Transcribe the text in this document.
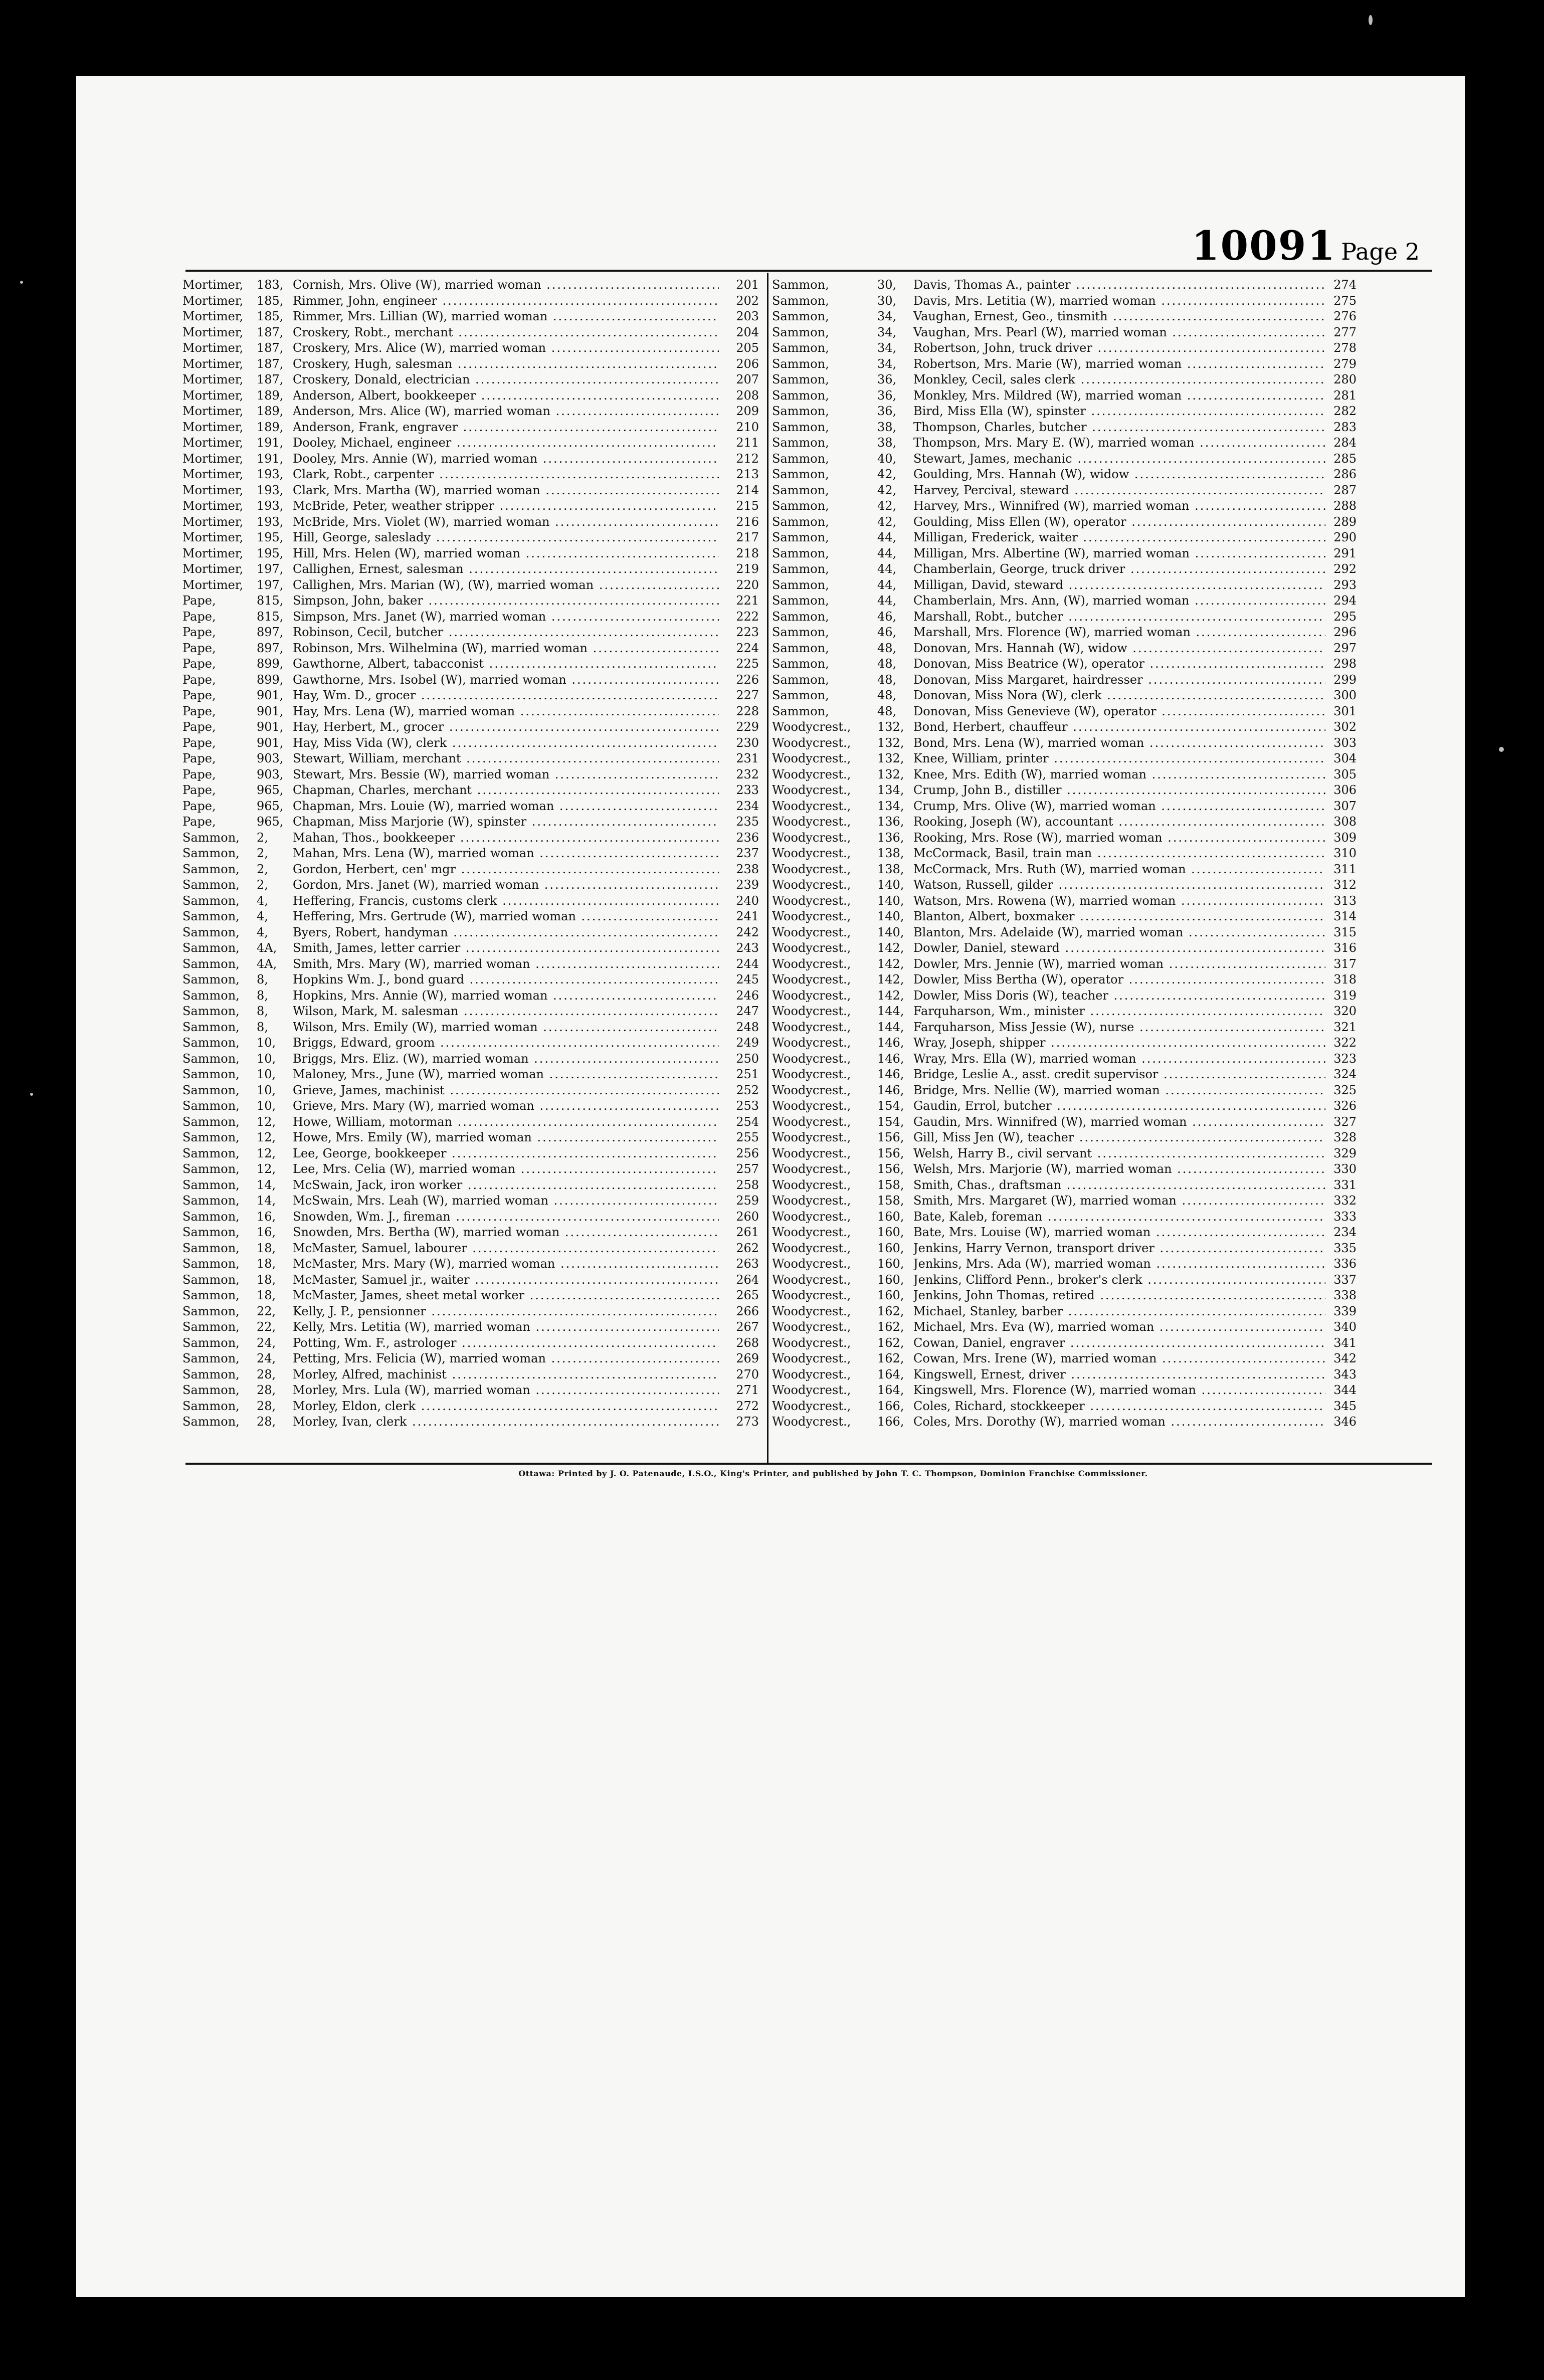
10091 Page 2
Mortimer,	183, Cornish, Mrs. Olive (W), married woman .....	201
Mortimer,	185, Rimmer, John, engineer .....	202
Mortimer,	185, Rimmer, Mrs. Lillian (W), married woman .....	203
Mortimer,	187, Croskery, Robt., merchant .....	204
Mortimer,	187, Croskery, Mrs. Alice (W), married woman .....	205
Mortimer,	187, Croskery, Hugh, salesman .....	206
Mortimer,	187, Croskery, Donald, electrician .....	207
Mortimer,	189, Anderson, Albert, bookkeeper .....	208
Mortimer,	189, Anderson, Mrs. Alice (W), married woman .....	209
Mortimer,	189, Anderson, Frank, engraver .....	210
Mortimer,	191, Dooley, Michael, engineer .....	211
Mortimer,	191, Dooley, Mrs. Annie (W), married woman .....	212
Mortimer,	193, Clark, Robt., carpenter .....	213
Mortimer,	193, Clark, Mrs. Martha (W), married woman .....	214
Mortimer,	193, McBride, Peter, weather stripper .....	215
Mortimer,	193, McBride, Mrs. Violet (W), married woman .....	216
Mortimer,	195, Hill, George, saleslady .....	217
Mortimer,	195, Hill, Mrs. Helen (W), married woman .....	218
Mortimer,	197, Callighen, Ernest, salesman .....	219
Mortimer,	197, Callighen, Mrs. Marian (W), (W), married woman .....	220
Pape,	815, Simpson, John, baker .....	221
Pape,	815, Simpson, Mrs. Janet (W), married woman .....	222
Pape,	897, Robinson, Cecil, butcher .....	223
Pape,	897, Robinson, Mrs. Wilhelmina (W), married woman .....	224
Pape,	899, Gawthorne, Albert, tabacconist .....	225
Pape,	899, Gawthorne, Mrs. Isobel (W), married woman .....	226
Pape,	901, Hay, Wm. D., grocer .....	227
Pape,	901, Hay, Mrs. Lena (W), married woman .....	228
Pape,	901, Hay, Herbert, M., grocer .....	229
Pape,	901, Hay, Miss Vida (W), clerk .....	230
Pape,	903, Stewart, William, merchant .....	231
Pape,	903, Stewart, Mrs. Bessie (W), married woman .....	232
Pape,	965, Chapman, Charles, merchant .....	233
Pape,	965, Chapman, Mrs. Louie (W), married woman .....	234
Pape,	965, Chapman, Miss Marjorie (W), spinster .....	235
Sammon,	2,	Mahan, Thos., bookkeeper .....	236
Sammon,	2,	Mahan, Mrs. Lena (W), married woman .....	237
Sammon,	2,	Gordon, Herbert, cen' mgr .....	238
Sammon,	2,	Gordon, Mrs. Janet (W), married woman .....	239
Sammon,	4,	Heffering, Francis, customs clerk .....	240
Sammon,	4,	Heffering, Mrs. Gertrude (W), married woman .....	241
Sammon,	4,	Byers, Robert, handyman .....	242
Sammon,	4A,	Smith, James, letter carrier .....	243
Sammon,	4A,	Smith, Mrs. Mary (W), married woman .....	244
Sammon,	8,	Hopkins Wm. J., bond guard .....	245
Sammon,	8,	Hopkins, Mrs. Annie (W), married woman .....	246
Sammon,	8,	Wilson, Mark, M. salesman .....	247
Sammon,	8,	Wilson, Mrs. Emily (W), married woman .....	248
Sammon,	10,	Briggs, Edward, groom .....	249
Sammon,	10,	Briggs, Mrs. Eliz. (W), married woman .....	250
Sammon,	10,	Maloney, Mrs., June (W), married woman .....	251
Sammon,	10,	Grieve, James, machinist .....	252
Sammon,	10,	Grieve, Mrs. Mary (W), married woman .....	253
Sammon,	12,	Howe, William, motorman .....	254
Sammon,	12,	Howe, Mrs. Emily (W), married woman .....	255
Sammon,	12,	Lee, George, bookkeeper .....	256
Sammon,	12,	Lee, Mrs. Celia (W), married woman .....	257
Sammon,	14,	McSwain, Jack, iron worker .....	258
Sammon,	14,	McSwain, Mrs. Leah (W), married woman .....	259
Sammon,	16,	Snowden, Wm. J., fireman .....	260
Sammon,	16,	Snowden, Mrs. Bertha (W), married woman .....	261
Sammon,	18,	McMaster, Samuel, labourer .....	262
Sammon,	18,	McMaster, Mrs. Mary (W), married woman .....	263
Sammon,	18,	McMaster, Samuel jr., waiter .....	264
Sammon,	18,	McMaster, James, sheet metal worker .....	265
Sammon,	22,	Kelly, J. P., pensionner .....	266
Sammon,	22,	Kelly, Mrs. Letitia (W), married woman .....	267
Sammon,	24,	Potting, Wm. F., astrologer .....	268
Sammon,	24,	Petting, Mrs. Felicia (W), married woman .....	269
Sammon,	28,	Morley, Alfred, machinist .....	270
Sammon,	28,	Morley, Mrs. Lula (W), married woman .....	271
Sammon,	28,	Morley, Eldon, clerk .....	272
Sammon,	28,	Morley, Ivan, clerk .....	273
Sammon,	30,	Davis, Thomas A., painter .....	274
Sammon,	30,	Davis, Mrs. Letitia (W), married woman .....	275
Sammon,	34,	Vaughan, Ernest, Geo., tinsmith .....	276
Sammon,	34,	Vaughan, Mrs. Pearl (W), married woman .....	277
Sammon,	34,	Robertson, John, truck driver .....	278
Sammon,	34,	Robertson, Mrs. Marie (W), married woman .....	279
Sammon,	36,	Monkley, Cecil, sales clerk .....	280
Sammon,	36,	Monkley, Mrs. Mildred (W), married woman .....	281
Sammon,	36,	Bird, Miss Ella (W), spinster .....	282
Sammon,	38,	Thompson, Charles, butcher .....	283
Sammon,	38,	Thompson, Mrs. Mary E. (W), married woman .....	284
Sammon,	40,	Stewart, James, mechanic .....	285
Sammon,	42,	Goulding, Mrs. Hannah (W), widow .....	286
Sammon,	42,	Harvey, Percival, steward .....	287
Sammon,	42,	Harvey, Mrs., Winnifred (W), married woman .....	288
Sammon,	42,	Goulding, Miss Ellen (W), operator .....	289
Sammon,	44,	Milligan, Frederick, waiter .....	290
Sammon,	44,	Milligan, Mrs. Albertine (W), married woman .....	291
Sammon,	44,	Chamberlain, George, truck driver .....	292
Sammon,	44,	Milligan, David, steward .....	293
Sammon,	44,	Chamberlain, Mrs. Ann, (W), married woman .....	294
Sammon,	46,	Marshall, Robt., butcher .....	295
Sammon,	46,	Marshall, Mrs. Florence (W), married woman .....	296
Sammon,	48,	Donovan, Mrs. Hannah (W), widow .....	297
Sammon,	48,	Donovan, Miss Beatrice (W), operator .....	298
Sammon,	48,	Donovan, Miss Margaret, hairdresser .....	299
Sammon,	48,	Donovan, Miss Nora (W), clerk .....	300
Sammon,	48,	Donovan, Miss Genevieve (W), operator .....	301
Woodycrest.,	132, Bond, Herbert, chauffeur .....	302
Woodycrest.,	132, Bond, Mrs. Lena (W), married woman .....	303
Woodycrest.,	132, Knee, William, printer .....	304
Woodycrest.,	132, Knee, Mrs. Edith (W), married woman .....	305
Woodycrest.,	134, Crump, John B., distiller .....	306
Woodycrest.,	134, Crump, Mrs. Olive (W), married woman .....	307
Woodycrest.,	136, Rooking, Joseph (W), accountant .....	308
Woodycrest.,	136, Rooking, Mrs. Rose (W), married woman .....	309
Woodycrest.,	138, McCormack, Basil, train man .....	310
Woodycrest.,	138, McCormack, Mrs. Ruth (W), married woman .....	311
Woodycrest.,	140, Watson, Russell, gilder .....	312
Woodycrest.,	140, Watson, Mrs. Rowena (W), married woman .....	313
Woodycrest.,	140, Blanton, Albert, boxmaker .....	314
Woodycrest.,	140, Blanton, Mrs. Adelaide (W), married woman .....	315
Woodycrest.,	142, Dowler, Daniel, steward .....	316
Woodycrest.,	142, Dowler, Mrs. Jennie (W), married woman .....	317
Woodycrest.,	142, Dowler, Miss Bertha (W), operator .....	318
Woodycrest.,	142, Dowler, Miss Doris (W), teacher .....	319
Woodycrest.,	144, Farquharson, Wm., minister .....	320
Woodycrest.,	144, Farquharson, Miss Jessie (W), nurse .....	321
Woodycrest.,	146, Wray, Joseph, shipper .....	322
Woodycrest.,	146, Wray, Mrs. Ella (W), married woman .....	323
Woodycrest.,	146, Bridge, Leslie A., asst. credit supervisor .....	324
Woodycrest.,	146, Bridge, Mrs. Nellie (W), married woman .....	325
Woodycrest.,	154, Gaudin, Errol, butcher .....	326
Woodycrest.,	154, Gaudin, Mrs. Winnifred (W), married woman .....	327
Woodycrest.,	156, Gill, Miss Jen (W), teacher .....	328
Woodycrest.,	156, Welsh, Harry B., civil servant .....	329
Woodycrest.,	156, Welsh, Mrs. Marjorie (W), married woman .....	330
Woodycrest.,	158, Smith, Chas., draftsman .....	331
Woodycrest.,	158, Smith, Mrs. Margaret (W), married woman .....	332
Woodycrest.,	160, Bate, Kaleb, foreman .....	333
Woodycrest.,	160, Bate, Mrs. Louise (W), married woman .....	234
Woodycrest.,	160, Jenkins, Harry Vernon, transport driver .....	335
Woodycrest.,	160, Jenkins, Mrs. Ada (W), married woman .....	336
Woodycrest.,	160, Jenkins, Clifford Penn., broker's clerk .....	337
Woodycrest.,	160, Jenkins, John Thomas, retired .....	338
Woodycrest.,	162, Michael, Stanley, barber .....	339
Woodycrest.,	162, Michael, Mrs. Eva (W), married woman .....	340
Woodycrest.,	162, Cowan, Daniel, engraver .....	341
Woodycrest.,	162, Cowan, Mrs. Irene (W), married woman .....	342
Woodycrest.,	164, Kingswell, Ernest, driver .....	343
Woodycrest.,	164, Kingswell, Mrs. Florence (W), married woman .....	344
Woodycrest.,	166, Coles, Richard, stockkeeper .....	345
Woodycrest.,	166, Coles, Mrs. Dorothy (W), married woman .....	346
Ottawa: Printed by J. O. Patenaude, I.S.O., King's Printer, and published by John T. C. Thompson, Dominion Franchise Commissioner.
